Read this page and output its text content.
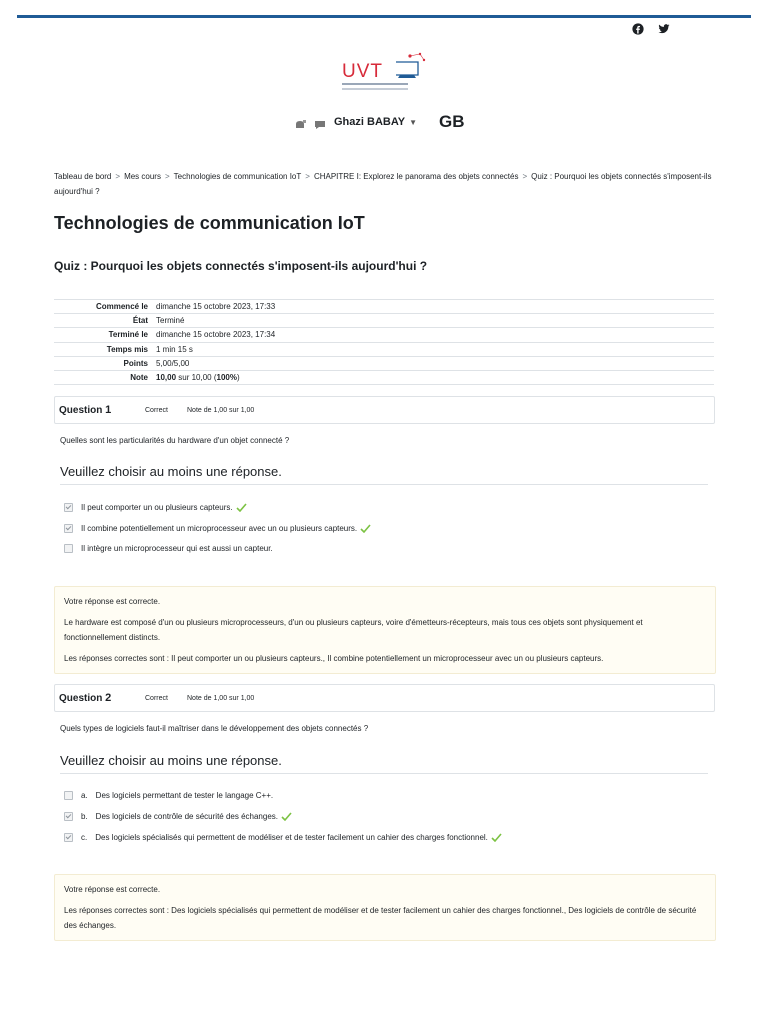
UVT
Ghazi BABAY ▼ GB
Tableau de bord > Mes cours > Technologies de communication IoT > CHAPITRE I: Explorez le panorama des objets connectés > Quiz : Pourquoi les objets connectés s'imposent-ils aujourd'hui ?
Technologies de communication IoT
Quiz : Pourquoi les objets connectés s'imposent-ils aujourd'hui ?
Commencé le	dimanche 15 octobre 2023, 17:33
État	Terminé
Terminé le	dimanche 15 octobre 2023, 17:34
Temps mis	1 min 15 s
Points	5,00/5,00
Note	10,00 sur 10,00 (100%)
Question 1	Correct	Note de 1,00 sur 1,00
Quelles sont les particularités du hardware d'un objet connecté ?
Veuillez choisir au moins une réponse.
Il peut comporter un ou plusieurs capteurs.
Il combine potentiellement un microprocesseur avec un ou plusieurs capteurs.
Il intègre un microprocesseur qui est aussi un capteur.

Votre réponse est correcte.

Le hardware est composé d'un ou plusieurs microprocesseurs, d'un ou plusieurs capteurs, voire d'émetteurs-récepteurs, mais tous ces objets sont physiquement et fonctionnellement distincts.

Les réponses correctes sont : Il peut comporter un ou plusieurs capteurs., Il combine potentiellement un microprocesseur avec un ou plusieurs capteurs.

Question 2	Correct	Note de 1,00 sur 1,00
Quels types de logiciels faut-il maîtriser dans le développement des objets connectés ?
Veuillez choisir au moins une réponse.
a. Des logiciels permettant de tester le langage C++.
b. Des logiciels de contrôle de sécurité des échanges.
c. Des logiciels spécialisés qui permettent de modéliser et de tester facilement un cahier des charges fonctionnel.

Votre réponse est correcte.

Les réponses correctes sont : Des logiciels spécialisés qui permettent de modéliser et de tester facilement un cahier des charges fonctionnel., Des logiciels de contrôle de sécurité des échanges.
